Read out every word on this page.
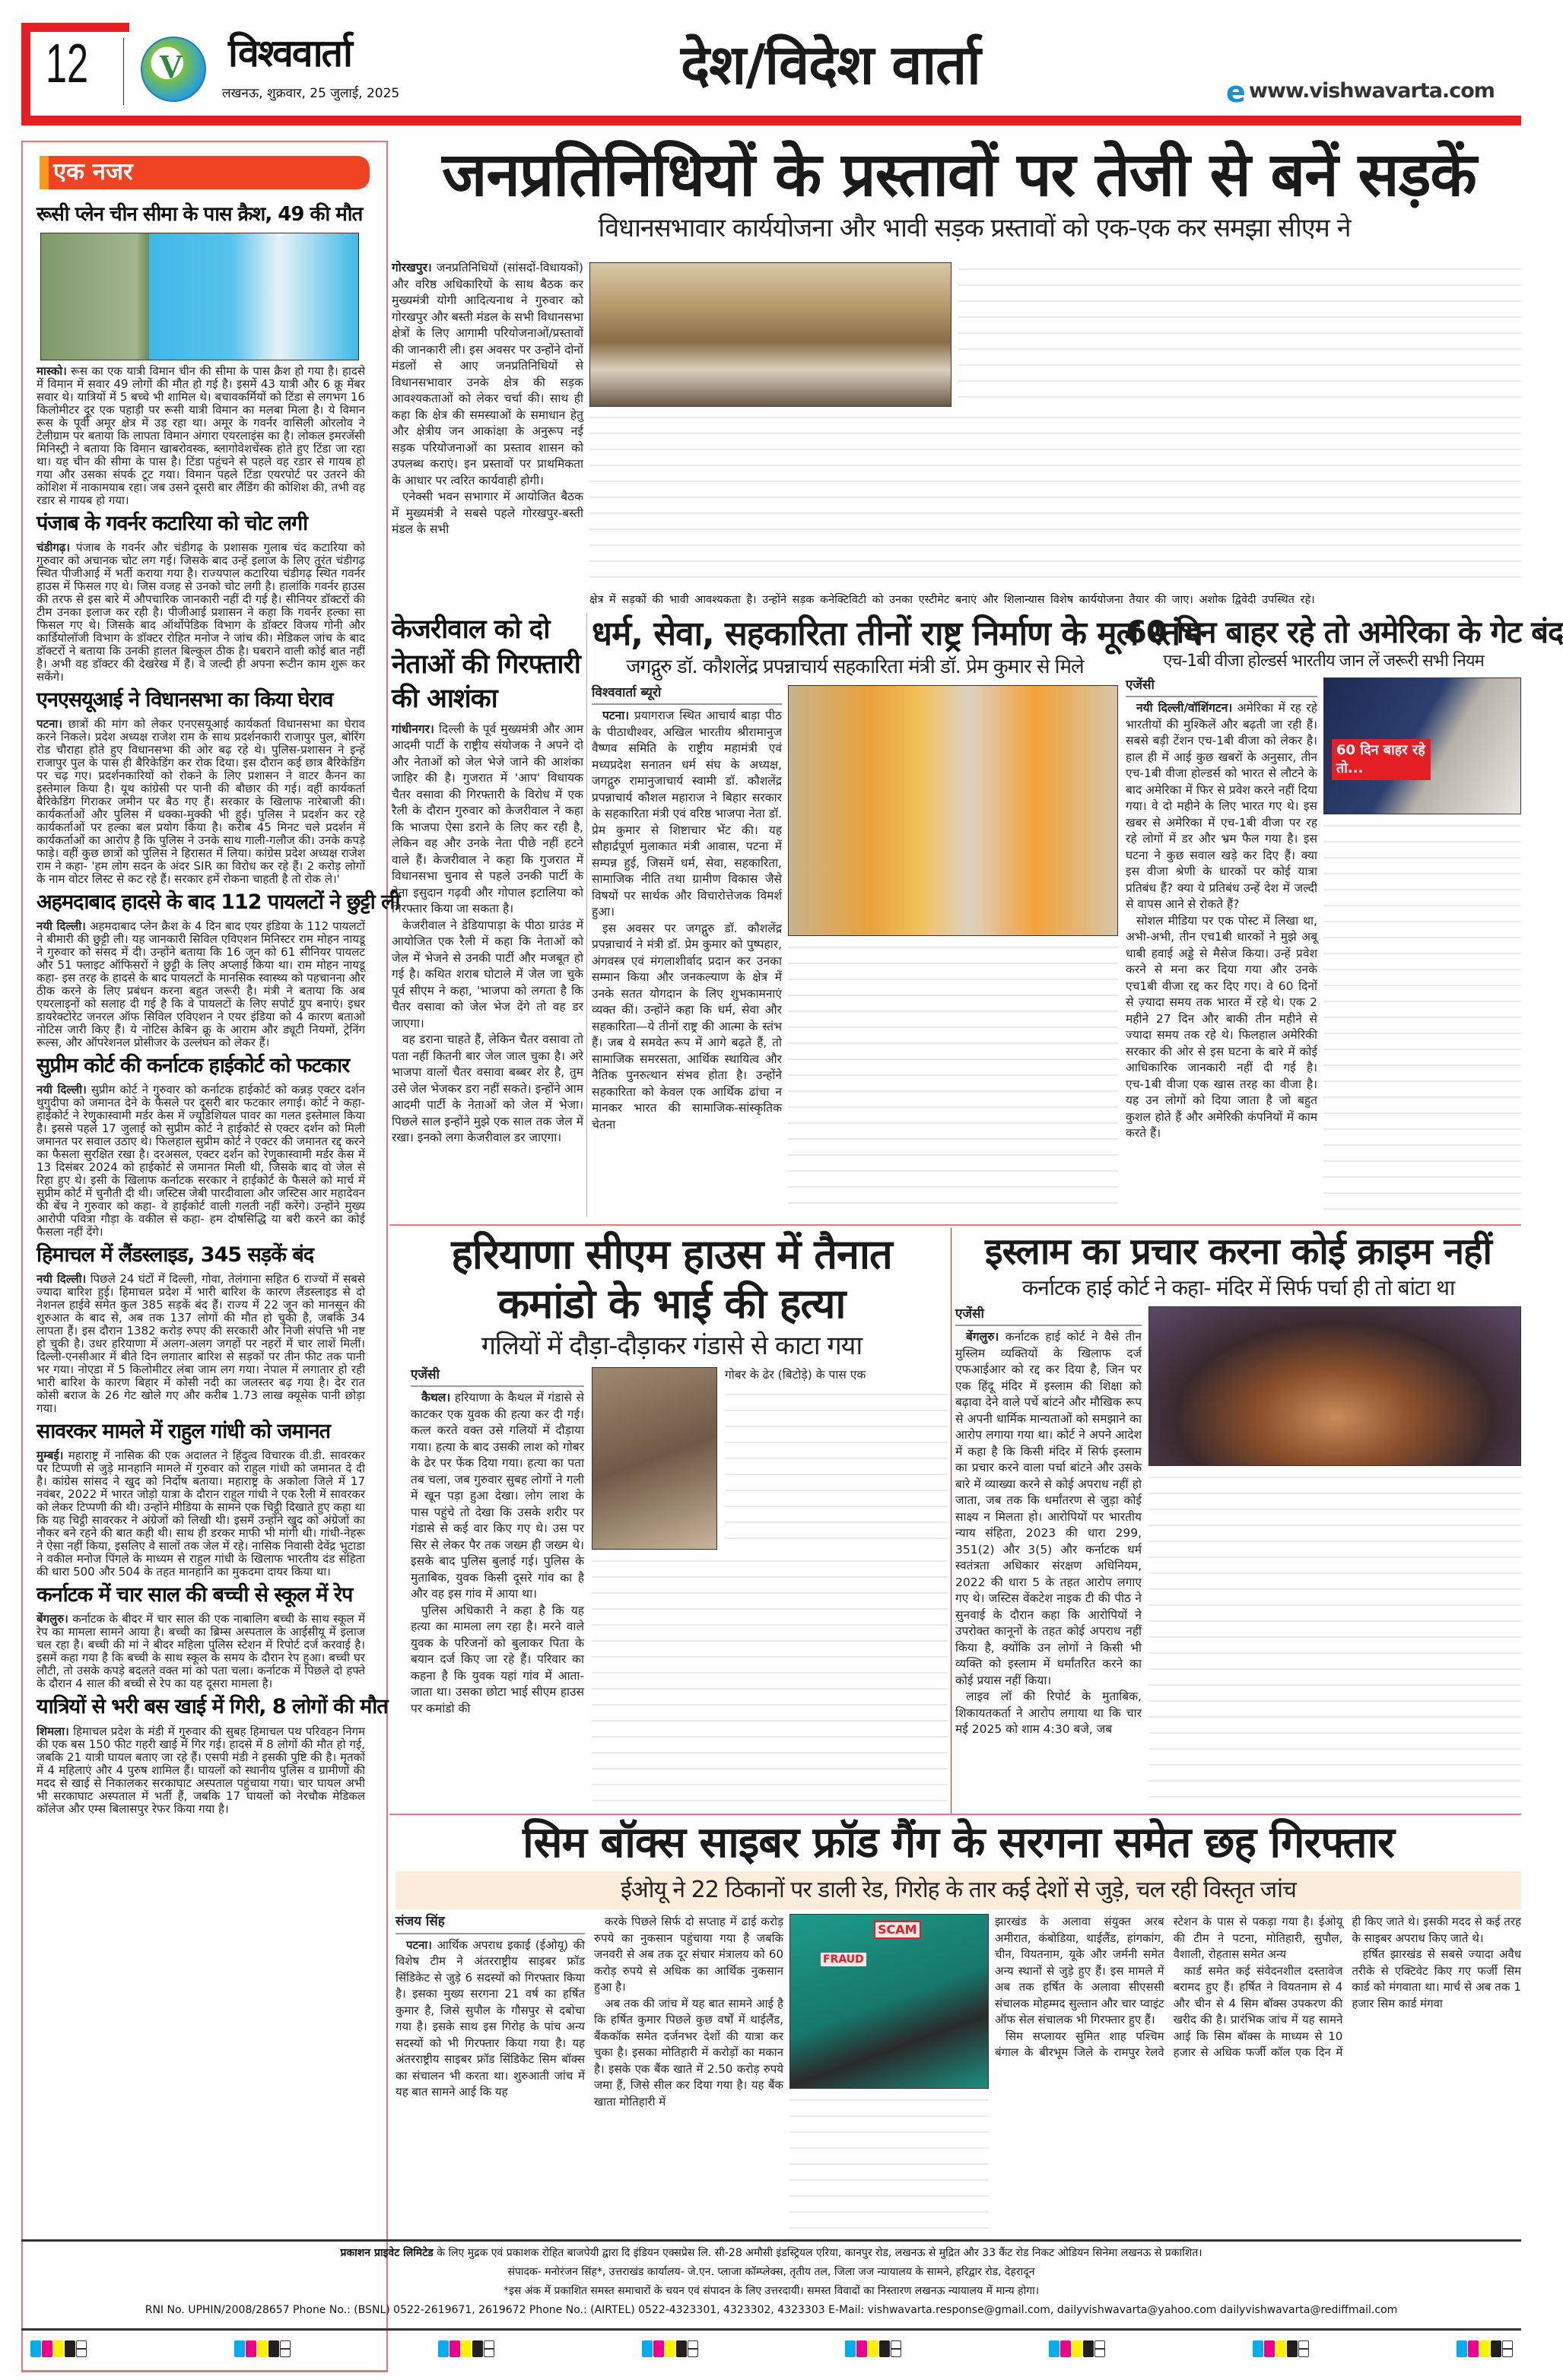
12 V विश्ववार्ता
लखनऊ, शुक्रवार, 25 जुलाई, 2025	देश/विदेश वार्ता	e www.vishwavarta.com
एक नजर
रूसी प्लेन चीन सीमा के पास क्रैश, 49 की मौत
मास्को। रूस का एक यात्री विमान चीन की सीमा के पास क्रैश हो गया है। हादसे में विमान में सवार 49 लोगों की मौत हो गई है। इसमें 43 यात्री और 6 क्रू मेंबर सवार थे। यात्रियों में 5 बच्चे भी शामिल थे। बचावकर्मियों को टिंडा से लगभग 16 किलोमीटर दूर एक पहाड़ी पर रूसी यात्री विमान का मलबा मिला है। ये विमान रूस के पूर्वी अमूर क्षेत्र में उड़ रहा था। अमूर के गवर्नर वासिली ओरलोव ने टेलीग्राम पर बताया कि लापता विमान अंगारा एयरलाइंस का है। लोकल इमरजेंसी मिनिस्ट्री ने बताया कि विमान खाबरोवस्क, ब्लागोवेशचेंस्क होते हुए टिंडा जा रहा था। यह चीन की सीमा के पास है। टिंडा पहुंचने से पहले वह रडार से गायब हो गया और उसका संपर्क टूट गया। विमान पहले टिंडा एयरपोर्ट पर उतरने की कोशिश में नाकामयाब रहा। जब उसने दूसरी बार लैंडिंग की कोशिश की, तभी वह रडार से गायब हो गया।
पंजाब के गवर्नर कटारिया को चोट लगी
चंडीगढ़। पंजाब के गवर्नर और चंडीगढ़ के प्रशासक गुलाब चंद कटारिया को गुरुवार को अचानक चोट लग गई। जिसके बाद उन्हें इलाज के लिए तुरंत चंडीगढ़ स्थित पीजीआई में भर्ती कराया गया है। राज्यपाल कटारिया चंडीगढ़ स्थित गवर्नर हाउस में फिसल गए थे। जिस वजह से उनको चोट लगी है। हालांकि गवर्नर हाउस की तरफ से इस बारे में औपचारिक जानकारी नहीं दी गई है। सीनियर डॉक्टरों की टीम उनका इलाज कर रही है। पीजीआई प्रशासन ने कहा कि गवर्नर हल्का सा फिसल गए थे। जिसके बाद ऑर्थोपेडिक विभाग के डॉक्टर विजय गोनी और कार्डियोलॉजी विभाग के डॉक्टर रोहित मनोज ने जांच की। मेडिकल जांच के बाद डॉक्टरों ने बताया कि उनकी हालत बिल्कुल ठीक है। घबराने वाली कोई बात नहीं है। अभी वह डॉक्टर की देखरेख में हैं। वे जल्दी ही अपना रूटीन काम शुरू कर सकेंगे।
एनएसयूआई ने विधानसभा का किया घेराव
पटना। छात्रों की मांग को लेकर एनएसयूआई कार्यकर्ता विधानसभा का घेराव करने निकले। प्रदेश अध्यक्ष राजेश राम के साथ प्रदर्शनकारी राजापुर पुल, बोरिंग रोड चौराहा होते हुए विधानसभा की ओर बढ़ रहे थे। पुलिस-प्रशासन ने इन्हें राजापुर पुल के पास ही बैरिकेडिंग कर रोक दिया। इस दौरान कई छात्र बैरिकेडिंग पर चढ़ गए। प्रदर्शनकारियों को रोकने के लिए प्रशासन ने वाटर कैनन का इस्तेमाल किया है। यूथ कांग्रेसी पर पानी की बौछार की गई। वहीं कार्यकर्ता बैरिकेडिंग गिराकर जमीन पर बैठ गए हैं। सरकार के खिलाफ नारेबाजी की। कार्यकर्ताओं और पुलिस में धक्का-मुक्की भी हुई। पुलिस ने प्रदर्शन कर रहे कार्यकर्ताओं पर हल्का बल प्रयोग किया है। करीब 45 मिनट चले प्रदर्शन में कार्यकर्ताओं का आरोप है कि पुलिस ने उनके साथ गाली-गलौज की। उनके कपड़े फाड़े। वहीं कुछ छात्रों को पुलिस ने हिरासत में लिया। कांग्रेस प्रदेश अध्यक्ष राजेश राम ने कहा- 'हम लोग सदन के अंदर SIR का विरोध कर रहे हैं। 2 करोड़ लोगों के नाम वोटर लिस्ट से कट रहे हैं। सरकार हमें रोकना चाहती है तो रोक ले।'
अहमदाबाद हादसे के बाद 112 पायलटों ने छुट्टी ली
नयी दिल्ली। अहमदाबाद प्लेन क्रैश के 4 दिन बाद एयर इंडिया के 112 पायलटों ने बीमारी की छुट्टी ली। यह जानकारी सिविल एविएशन मिनिस्टर राम मोहन नायडू ने गुरुवार को संसद में दी। उन्होंने बताया कि 16 जून को 61 सीनियर पायलट और 51 फ्लाइट ऑफिसरों ने छुट्टी के लिए अप्लाई किया था। राम मोहन नायडू कहा- इस तरह के हादसे के बाद पायलटों के मानसिक स्वास्थ्य को पहचानना और ठीक करने के लिए प्रबंधन करना बहुत जरूरी है। मंत्री ने बताया कि अब एयरलाइनों को सलाह दी गई है कि वे पायलटों के लिए सपोर्ट ग्रुप बनाएं। इधर डायरेक्टोरेट जनरल ऑफ सिविल एविएशन ने एयर इंडिया को 4 कारण बताओ नोटिस जारी किए हैं। ये नोटिस केबिन क्रू के आराम और ड्यूटी नियमों, ट्रेनिंग रूल्स, और ऑपरेशनल प्रोसीजर के उल्लंघन को लेकर हैं।
सुप्रीम कोर्ट की कर्नाटक हाईकोर्ट को फटकार
नयी दिल्ली। सुप्रीम कोर्ट ने गुरुवार को कर्नाटक हाईकोर्ट को कन्नड़ एक्टर दर्शन थुगुदीपा को जमानत देने के फैसले पर दूसरी बार फटकार लगाई। कोर्ट ने कहा- हाईकोर्ट ने रेणुकास्वामी मर्डर केस में ज्यूडिशियल पावर का गलत इस्तेमाल किया है। इससे पहले 17 जुलाई को सुप्रीम कोर्ट ने हाईकोर्ट से एक्टर दर्शन को मिली जमानत पर सवाल उठाए थे। फिलहाल सुप्रीम कोर्ट ने एक्टर की जमानत रद्द करने का फैसला सुरक्षित रखा है। दरअसल, एक्टर दर्शन को रेणुकास्वामी मर्डर केस में 13 दिसंबर 2024 को हाईकोर्ट से जमानत मिली थी, जिसके बाद वो जेल से रिहा हुए थे। इसी के खिलाफ कर्नाटक सरकार ने हाईकोर्ट के फैसले को मार्च में सुप्रीम कोर्ट में चुनौती दी थी। जस्टिस जेबी पारदीवाला और जस्टिस आर महादेवन की बेंच ने गुरुवार को कहा- वे हाईकोर्ट वाली गलती नहीं करेंगे। उन्होंने मुख्य आरोपी पवित्रा गौड़ा के वकील से कहा- हम दोषसिद्धि या बरी करने का कोई फैसला नहीं देंगे।
हिमाचल में लैंडस्लाइड, 345 सड़कें बंद
नयी दिल्ली। पिछले 24 घंटों में दिल्ली, गोवा, तेलंगाना सहित 6 राज्यों में सबसे ज्यादा बारिश हुई। हिमाचल प्रदेश में भारी बारिश के कारण लैंडस्लाइड से दो नेशनल हाईवे समेत कुल 385 सड़कें बंद हैं। राज्य में 22 जून को मानसून की शुरुआत के बाद से, अब तक 137 लोगों की मौत हो चुकी है, जबकि 34 लापता हैं। इस दौरान 1382 करोड़ रुपए की सरकारी और निजी संपत्ति भी नष्ट हो चुकी है। उधर हरियाणा में अलग-अलग जगहों पर नहरों में चार लाशें मिलीं। दिल्ली-एनसीआर में बीते दिन लगातार बारिश से सड़कों पर तीन फीट तक पानी भर गया। नोएडा में 5 किलोमीटर लंबा जाम लग गया। नेपाल में लगातार हो रही भारी बारिश के कारण बिहार में कोसी नदी का जलस्तर बढ़ गया है। देर रात कोसी बराज के 26 गेट खोले गए और करीब 1.73 लाख क्यूसेक पानी छोड़ा गया।
सावरकर मामले में राहुल गांधी को जमानत
मुम्बई। महाराष्ट्र में नासिक की एक अदालत ने हिंदुत्व विचारक वी.डी. सावरकर पर टिप्पणी से जुड़े मानहानि मामले में गुरुवार को राहुल गांधी को जमानत दे दी है। कांग्रेस सांसद ने खुद को निर्दोष बताया। महाराष्ट्र के अकोला जिले में 17 नवंबर, 2022 में भारत जोड़ो यात्रा के दौरान राहुल गांधी ने एक रैली में सावरकर को लेकर टिप्पणी की थी। उन्होंने मीडिया के सामने एक चिट्ठी दिखाते हुए कहा था कि यह चिट्ठी सावरकर ने अंग्रेजों को लिखी थी। इसमें उन्होंने खुद को अंग्रेजों का नौकर बने रहने की बात कही थी। साथ ही डरकर माफी भी मांगी थी। गांधी-नेहरू ने ऐसा नहीं किया, इसलिए वे सालों तक जेल में रहे। नासिक निवासी देवेंद्र भुटाडा ने वकील मनोज पिंगले के माध्यम से राहुल गांधी के खिलाफ भारतीय दंड संहिता की धारा 500 और 504 के तहत मानहानि का मुकदमा दायर किया था।
कर्नाटक में चार साल की बच्ची से स्कूल में रेप
बेंगलुरु। कर्नाटक के बीदर में चार साल की एक नाबालिग बच्ची के साथ स्कूल में रेप का मामला सामने आया है। बच्ची का ब्रिम्स अस्पताल के आईसीयू में इलाज चल रहा है। बच्ची की मां ने बीदर महिला पुलिस स्टेशन में रिपोर्ट दर्ज करवाई है। इसमें कहा गया है कि बच्ची के साथ स्कूल के समय के दौरान रेप हुआ। बच्ची घर लौटी, तो उसके कपड़े बदलते वक्त मां को पता चला। कर्नाटक में पिछले दो हफ्ते के दौरान 4 साल की बच्ची से रेप का यह दूसरा मामला है।
यात्रियों से भरी बस खाई में गिरी, 8 लोगों की मौत
शिमला। हिमाचल प्रदेश के मंडी में गुरुवार की सुबह हिमाचल पथ परिवहन निगम की एक बस 150 फीट गहरी खाई में गिर गई। हादसे में 8 लोगों की मौत हो गई, जबकि 21 यात्री घायल बताए जा रहे हैं। एसपी मंडी ने इसकी पुष्टि की है। मृतकों में 4 महिलाएं और 4 पुरुष शामिल हैं। घायलों को स्थानीय पुलिस व ग्रामीणों की मदद से खाई से निकालकर सरकाघाट अस्पताल पहुंचाया गया। चार घायल अभी भी सरकाघाट अस्पताल में भर्ती हैं, जबकि 17 घायलों को नेरचौक मेडिकल कॉलेज और एम्स बिलासपुर रेफर किया गया है।
जनप्रतिनिधियों के प्रस्तावों पर तेजी से बनें सड़कें
विधानसभावार कार्ययोजना और भावी सड़क प्रस्तावों को एक-एक कर समझा सीएम ने

गोरखपुर। जनप्रतिनिधियों (सांसदों-विधायकों) और वरिष्ठ अधिकारियों के साथ बैठक कर मुख्यमंत्री योगी आदित्यनाथ ने गुरुवार को गोरखपुर और बस्ती मंडल के सभी विधानसभा क्षेत्रों के लिए आगामी परियोजनाओं/प्रस्तावों की जानकारी ली। इस अवसर पर उन्होंने दोनों मंडलों से आए जनप्रतिनिधियों से विधानसभावार उनके क्षेत्र की सड़क आवश्यकताओं को लेकर चर्चा की। साथ ही कहा कि क्षेत्र की समस्याओं के समाधान हेतु और क्षेत्रीय जन आकांक्षा के अनुरूप नई सड़क परियोजनाओं का प्रस्ताव शासन को उपलब्ध कराएं। इन प्रस्तावों पर प्राथमिकता के आधार पर त्वरित कार्यवाही होगी।

एनेक्सी भवन सभागार में आयोजित बैठक में मुख्यमंत्री ने सबसे पहले गोरखपुर-बस्ती मंडल के सभी

क्षेत्र में सड़कों की भावी आवश्यकता है। उन्होंने सड़क कनेक्टिविटी को उनका एस्टीमेट बनाएं और शिलान्यास विशेष कार्ययोजना तैयार की जाए। अशोक द्विवेदी उपस्थित रहे।
केजरीवाल को दो नेताओं की गिरफ्तारी की आशंका

गांधीनगर। दिल्ली के पूर्व मुख्यमंत्री और आम आदमी पार्टी के राष्ट्रीय संयोजक ने अपने दो और नेताओं को जेल भेजे जाने की आशंका जाहिर की है। गुजरात में 'आप' विधायक चैतर वसावा की गिरफ्तारी के विरोध में एक रैली के दौरान गुरुवार को केजरीवाल ने कहा कि भाजपा ऐसा डराने के लिए कर रही है, लेकिन वह और उनके नेता पीछे नहीं हटने वाले हैं। केजरीवाल ने कहा कि गुजरात में विधानसभा चुनाव से पहले उनकी पार्टी के नेता इसुदान गढ़वी और गोपाल इटालिया को गिरफ्तार किया जा सकता है।

केजरीवाल ने डेडियापाड़ा के पीठा ग्राउंड में आयोजित एक रैली में कहा कि नेताओं को जेल में भेजने से उनकी पार्टी और मजबूत हो गई है। कथित शराब घोटाले में जेल जा चुके पूर्व सीएम ने कहा, 'भाजपा को लगता है कि चैतर वसावा को जेल भेज देंगे तो वह डर जाएगा।

वह डराना चाहते हैं, लेकिन चैतर वसावा तो पता नहीं कितनी बार जेल जाल चुका है। अरे भाजपा वालों चैतर वसावा बब्बर शेर है, तुम उसे जेल भेजकर डरा नहीं सकते। इन्होंने आम आदमी पार्टी के नेताओं को जेल में भेजा। पिछले साल इन्होंने मुझे एक साल तक जेल में रखा। इनको लगा केजरीवाल डर जाएगा।

धर्म, सेवा, सहकारिता तीनों राष्ट्र निर्माण के मूल स्तंभ
जगद्गुरु डॉ. कौशलेंद्र प्रपन्नाचार्य सहकारिता मंत्री डॉ. प्रेम कुमार से मिले
विश्ववार्ता ब्यूरो

पटना। प्रयागराज स्थित आचार्य बाड़ा पीठ के पीठाधीश्वर, अखिल भारतीय श्रीरामानुज वैष्णव समिति के राष्ट्रीय महामंत्री एवं मध्यप्रदेश सनातन धर्म संघ के अध्यक्ष, जगद्गुरु रामानुजाचार्य स्वामी डॉ. कौशलेंद्र प्रपन्नाचार्य कौशल महाराज ने बिहार सरकार के सहकारिता मंत्री एवं वरिष्ठ भाजपा नेता डॉ. प्रेम कुमार से शिष्टाचार भेंट की। यह सौहार्द्रपूर्ण मुलाकात मंत्री आवास, पटना में सम्पन्न हुई, जिसमें धर्म, सेवा, सहकारिता, सामाजिक नीति तथा ग्रामीण विकास जैसे विषयों पर सार्थक और विचारोत्तेजक विमर्श हुआ।

इस अवसर पर जगद्गुरु डॉ. कौशलेंद्र प्रपन्नाचार्य ने मंत्री डॉ. प्रेम कुमार को पुष्पहार, अंगवस्त्र एवं मंगलाशीर्वाद प्रदान कर उनका सम्मान किया और जनकल्याण के क्षेत्र में उनके सतत योगदान के लिए शुभकामनाएं व्यक्त कीं। उन्होंने कहा कि धर्म, सेवा और सहकारिता—ये तीनों राष्ट्र की आत्मा के स्तंभ हैं। जब ये समवेत रूप में आगे बढ़ते हैं, तो सामाजिक समरसता, आर्थिक स्थायित्व और नैतिक पुनरुत्थान संभव होता है। उन्होंने सहकारिता को केवल एक आर्थिक ढांचा न मानकर भारत की सामाजिक-सांस्कृतिक चेतना

60 दिन बाहर रहे तो अमेरिका के गेट बंद
एच-1बी वीजा होल्डर्स भारतीय जान लें जरूरी सभी नियम
एजेंसी

नयी दिल्ली/वॉशिंगटन। अमेरिका में रह रहे भारतीयों की मुश्किलें और बढ़ती जा रही हैं। सबसे बड़ी टेंशन एच-1बी वीजा को लेकर है। हाल ही में आई कुछ खबरों के अनुसार, तीन एच-1बी वीजा होल्डर्स को भारत से लौटने के बाद अमेरिका में फिर से प्रवेश करने नहीं दिया गया। वे दो महीने के लिए भारत गए थे। इस खबर से अमेरिका में एच-1बी वीजा पर रह रहे लोगों में डर और भ्रम फैल गया है। इस घटना ने कुछ सवाल खड़े कर दिए हैं। क्या इस वीजा श्रेणी के धारकों पर कोई यात्रा प्रतिबंध हैं? क्या ये प्रतिबंध उन्हें देश में जल्दी से वापस आने से रोकते हैं?

सोशल मीडिया पर एक पोस्ट में लिखा था, अभी-अभी, तीन एच1बी धारकों ने मुझे अबू धाबी हवाई अड्डे से मैसेज किया। उन्हें प्रवेश करने से मना कर दिया गया और उनके एच1बी वीजा रद्द कर दिए गए। वे 60 दिनों से ज़्यादा समय तक भारत में रहे थे। एक 2 महीने 27 दिन और बाकी तीन महीने से ज्यादा समय तक रहे थे। फिलहाल अमेरिकी सरकार की ओर से इस घटना के बारे में कोई आधिकारिक जानकारी नहीं दी गई है। एच-1बी वीजा एक खास तरह का वीजा है। यह उन लोगों को दिया जाता है जो बहुत कुशल होते हैं और अमेरिकी कंपनियों में काम करते हैं।

60 दिन बाहर रहे तो...
हरियाणा सीएम हाउस में तैनात
कमांडो के भाई की हत्या
गलियों में दौड़ा-दौड़ाकर गंडासे से काटा गया
एजेंसी

कैथल। हरियाणा के कैथल में गंडासे से काटकर एक युवक की हत्या कर दी गई। कत्ल करते वक्त उसे गलियों में दौड़ाया गया। हत्या के बाद उसकी लाश को गोबर के ढेर पर फेंक दिया गया। हत्या का पता तब चला, जब गुरुवार सुबह लोगों ने गली में खून पड़ा हुआ देखा। लोग लाश के पास पहुंचे तो देखा कि उसके शरीर पर गंडासे से कई वार किए गए थे। उस पर सिर से लेकर पैर तक जख्म ही जख्म थे। इसके बाद पुलिस बुलाई गई। पुलिस के मुताबिक, युवक किसी दूसरे गांव का है और वह इस गांव में आया था।

पुलिस अधिकारी ने कहा है कि यह हत्या का मामला लग रहा है। मरने वाले युवक के परिजनों को बुलाकर पिता के बयान दर्ज किए जा रहे हैं। परिवार का कहना है कि युवक यहां गांव में आता-जाता था। उसका छोटा भाई सीएम हाउस पर कमांडो की

गोबर के ढेर (बिटोड़े) के पास एक

इस्लाम का प्रचार करना कोई क्राइम नहीं
कर्नाटक हाई कोर्ट ने कहा- मंदिर में सिर्फ पर्चा ही तो बांटा था
एजेंसी

बेंगलुरु। कर्नाटक हाई कोर्ट ने वैसे तीन मुस्लिम व्यक्तियों के खिलाफ दर्ज एफआईआर को रद्द कर दिया है, जिन पर एक हिंदू मंदिर में इस्लाम की शिक्षा को बढ़ावा देने वाले पर्चे बांटने और मौखिक रूप से अपनी धार्मिक मान्यताओं को समझाने का आरोप लगाया गया था। कोर्ट ने अपने आदेश में कहा है कि किसी मंदिर में सिर्फ इस्लाम का प्रचार करने वाला पर्चा बांटने और उसके बारे में व्याख्या करने से कोई अपराध नहीं हो जाता, जब तक कि धर्मांतरण से जुड़ा कोई साक्ष्य न मिलता हो। आरोपियों पर भारतीय न्याय संहिता, 2023 की धारा 299, 351(2) और 3(5) और कर्नाटक धर्म स्वतंत्रता अधिकार संरक्षण अधिनियम, 2022 की धारा 5 के तहत आरोप लगाए गए थे। जस्टिस वेंकटेश नाइक टी की पीठ ने सुनवाई के दौरान कहा कि आरोपियों ने उपरोक्त कानूनों के तहत कोई अपराध नहीं किया है, क्योंकि उन लोगों ने किसी भी व्यक्ति को इस्लाम में धर्मांतरित करने का कोई प्रयास नहीं किया।

लाइव लॉ की रिपोर्ट के मुताबिक, शिकायतकर्ता ने आरोप लगाया था कि चार मई 2025 को शाम 4:30 बजे, जब

सिम बॉक्स साइबर फ्रॉड गैंग के सरगना समेत छह गिरफ्तार
ईओयू ने 22 ठिकानों पर डाली रेड, गिरोह के तार कई देशों से जुड़े, चल रही विस्तृत जांच
संजय सिंह

पटना। आर्थिक अपराध इकाई (ईओयू) की विशेष टीम ने अंतरराष्ट्रीय साइबर फ्रॉड सिंडिकेट से जुड़े 6 सदस्यों को गिरफ्तार किया है। इसका मुख्य सरगना 21 वर्ष का हर्षित कुमार है, जिसे सुपौल के गौसपुर से दबोचा गया है। इसके साथ इस गिरोह के पांच अन्य सदस्यों को भी गिरफ्तार किया गया है। यह अंतरराष्ट्रीय साइबर फ्रॉड सिंडिकेट सिम बॉक्स का संचालन भी करता था। शुरुआती जांच में यह बात सामने आई कि यह

करके पिछले सिर्फ दो सप्ताह में ढाई करोड़ रुपये का नुकसान पहुंचाया गया है जबकि जनवरी से अब तक दूर संचार मंत्रालय को 60 करोड़ रुपये से अधिक का आर्थिक नुकसान हुआ है।

अब तक की जांच में यह बात सामने आई है कि हर्षित कुमार पिछले कुछ वर्षों में थाईलैंड, बैंककॉक समेत दर्जनभर देशों की यात्रा कर चुका है। इसका मोतिहारी में करोड़ों का मकान है। इसके एक बैंक खाते में 2.50 करोड़ रुपये जमा हैं, जिसे सील कर दिया गया है। यह बैंक खाता मोतिहारी में

SCAM
FRAUD

झारखंड के अलावा संयुक्त अरब अमीरात, कंबोडिया, थाईलैंड, हांगकांग, चीन, वियतनाम, यूके और जर्मनी समेत अन्य स्थानों से जुड़े हुए हैं। इस मामले में अब तक हर्षित के अलावा सीएससी संचालक मोहम्मद सुल्तान और चार प्वाइंट ऑफ सेल संचालक भी गिरफ्तार हुए हैं।

सिम सप्लायर सुमित शाह पश्चिम बंगाल के बीरभूम जिले के रामपुर रेलवे स्टेशन के पास से पकड़ा गया है। ईओयू की टीम ने पटना, मोतिहारी, सुपौल, वैशाली, रोहतास समेत अन्य

कार्ड समेत कई संवेदनशील दस्तावेज बरामद हुए हैं। हर्षित ने वियतनाम से 4 और चीन से 4 सिम बॉक्स उपकरण की खरीद की है। प्रारंभिक जांच में यह सामने आई कि सिम बॉक्स के माध्यम से 10 हजार से अधिक फर्जी कॉल एक दिन में ही किए जाते थे। इसकी मदद से कई तरह के साइबर अपराध किए जाते थे।

हर्षित झारखंड से सबसे ज्यादा अवैध तरीके से एक्टिवेट किए गए फर्जी सिम कार्ड को मंगवाता था। मार्च से अब तक 1 हजार सिम कार्ड मंगवा

प्रकाशन प्राइवेट लिमिटेड के लिए मुद्रक एवं प्रकाशक रोहित बाजपेयी द्वारा दि इंडियन एक्सप्रेस लि. सी-28 अमौसी इंडस्ट्रियल एरिया, कानपुर रोड, लखनऊ से मुद्रित और 33 कैंट रोड निकट ओडियन सिनेमा लखनऊ से प्रकाशित।
संपादक- मनोरंजन सिंह*, उत्तराखंड कार्यालय- जे.एन. प्लाजा कॉम्प्लेक्स, तृतीय तल, जिला जज न्यायालय के सामने, हरिद्वार रोड, देहरादून
*इस अंक में प्रकाशित समस्त समाचारों के चयन एवं संपादन के लिए उत्तरदायी। समस्त विवादों का निस्तारण लखनऊ न्यायालय में मान्य होगा।
RNI No. UPHIN/2008/28657 Phone No.: (BSNL) 0522-2619671, 2619672 Phone No.: (AIRTEL) 0522-4323301, 4323302, 4323303 E-Mail: vishwavarta.response@gmail.com, dailyvishwavarta@yahoo.com dailyvishwavarta@rediffmail.com
